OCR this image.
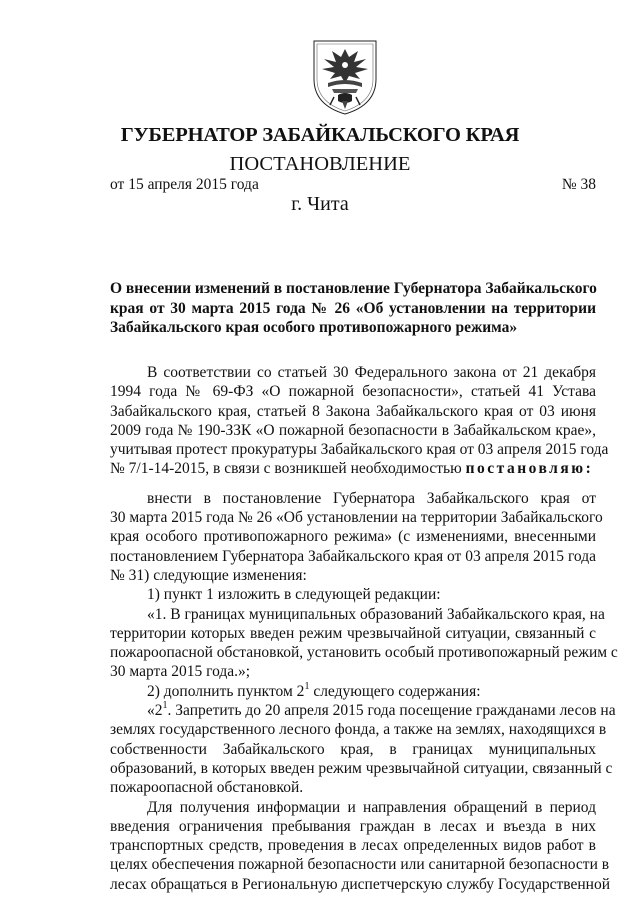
ГУБЕРНАТОР ЗАБАЙКАЛЬСКОГО КРАЯ
ПОСТАНОВЛЕНИЕ
от 15 апреля 2015 года	№ 38
г. Чита
О внесении изменений в постановление Губернатора Забайкальского
края от 30 марта 2015 года № 26 «Об установлении на территории
Забайкальского края особого противопожарного режима»
В соответствии со статьей 30 Федерального закона от 21 декабря
1994 года № 69-ФЗ «О пожарной безопасности», статьей 41 Устава
Забайкальского края, статьей 8 Закона Забайкальского края от 03 июня
2009 года № 190-ЗЗК «О пожарной безопасности в Забайкальском крае»,
учитывая протест прокуратуры Забайкальского края от 03 апреля 2015 года
№ 7/1-14-2015, в связи с возникшей необходимостью постановляю:
внести в постановление Губернатора Забайкальского края от
30 марта 2015 года № 26 «Об установлении на территории Забайкальского
края особого противопожарного режима» (с изменениями, внесенными
постановлением Губернатора Забайкальского края от 03 апреля 2015 года
№ 31) следующие изменения:
1) пункт 1 изложить в следующей редакции:
«1. В границах муниципальных образований Забайкальского края, на
территории которых введен режим чрезвычайной ситуации, связанный с
пожароопасной обстановкой, установить особый противопожарный режим с
30 марта 2015 года.»;
2) дополнить пунктом $2^1$ следующего содержания:
«$2^1$. Запретить до 20 апреля 2015 года посещение гражданами лесов на
землях государственного лесного фонда, а также на землях, находящихся в
собственности Забайкальского края, в границах муниципальных
образований, в которых введен режим чрезвычайной ситуации, связанный с
пожароопасной обстановкой.
Для получения информации и направления обращений в период
введения ограничения пребывания граждан в лесах и въезда в них
транспортных средств, проведения в лесах определенных видов работ в
целях обеспечения пожарной безопасности или санитарной безопасности в
лесах обращаться в Региональную диспетчерскую службу Государственной
